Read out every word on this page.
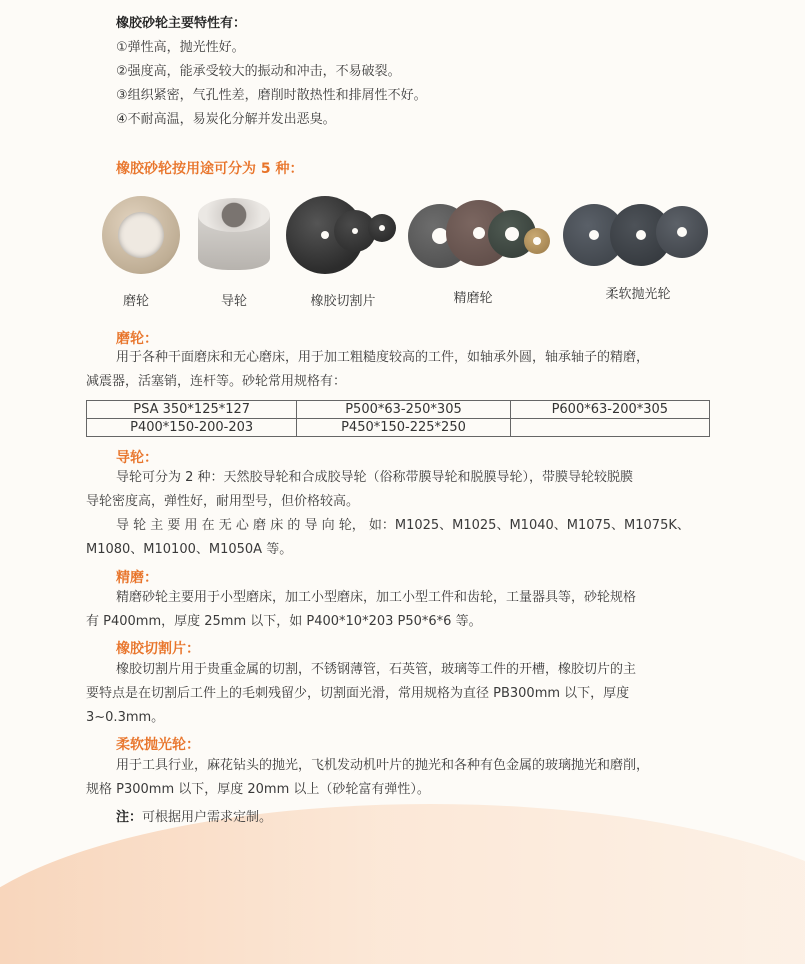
橡胶砂轮主要特性有：
①弹性高，抛光性好。
②强度高，能承受较大的振动和冲击，不易破裂。
③组织紧密，气孔性差，磨削时散热性和排屑性不好。
④不耐高温，易炭化分解并发出恶臭。
橡胶砂轮按用途可分为 5 种：
磨轮	导轮	橡胶切割片	精磨轮	柔软抛光轮
磨轮：
用于各种干面磨床和无心磨床，用于加工粗糙度较高的工件，如轴承外圆，轴承轴子的精磨，
减震器，活塞销，连杆等。砂轮常用规格有：
PSA 350*125*127	P500*63-250*305	P600*63-200*305
P400*150-200-203	P450*150-225*250	
导轮：
导轮可分为 2 种：天然胶导轮和合成胶导轮（俗称带膜导轮和脱膜导轮），带膜导轮较脱膜
导轮密度高，弹性好，耐用型号，但价格较高。
导 轮 主 要 用 在 无 心 磨 床 的 导 向 轮， 如：M1025、M1025、M1040、M1075、M1075K、
M1080、M10100、M1050A 等。
精磨：
精磨砂轮主要用于小型磨床，加工小型磨床，加工小型工件和齿轮，工量器具等，砂轮规格
有 P400mm，厚度 25mm 以下，如 P400*10*203 P50*6*6 等。
橡胶切割片：
橡胶切割片用于贵重金属的切割，不锈钢薄管，石英管，玻璃等工件的开槽，橡胶切片的主
要特点是在切割后工件上的毛刺残留少，切割面光滑，常用规格为直径 PB300mm 以下，厚度
3~0.3mm。
柔软抛光轮：
用于工具行业，麻花钻头的抛光，飞机发动机叶片的抛光和各种有色金属的玻璃抛光和磨削，
规格 P300mm 以下，厚度 20mm 以上（砂轮富有弹性）。
注：可根据用户需求定制。
